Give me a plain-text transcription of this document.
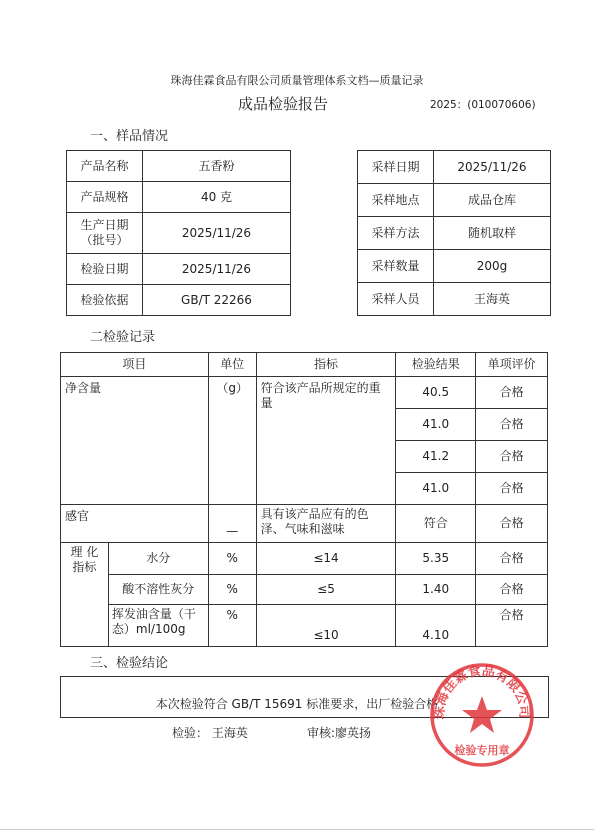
珠海佳霖食品有限公司质量管理体系文档—质量记录
成品检验报告	2025：(010070606)
一、样品情况
产品名称	五香粉
产品规格	40 克
生产日期
（批号）	2025/11/26
检验日期	2025/11/26
检验依据	GB/T 22266
采样日期	2025/11/26
采样地点	成品仓库
采样方法	随机取样
采样数量	200g
采样人员	王海英
二检验记录
项目		单位	指标	检验结果	单项评价
净含量		（g）	符合该产品所规定的重量	40.5	合格
				41.0	合格
				41.2	合格
				41.0	合格
感官		—	具有该产品应有的色泽、气味和滋味	符合	合格
理 化
指标	水分	%	≤14	5.35	合格
	酸不溶性灰分	%	≤5	1.40	合格
	挥发油含量（干态）ml/100g	%	≤10	4.10	合格
三、检验结论
本次检验符合 GB/T 15691 标准要求，出厂检验合格
检验： 王海英	审核:廖英扬
珠海佳霖食品有限公司
检验专用章
